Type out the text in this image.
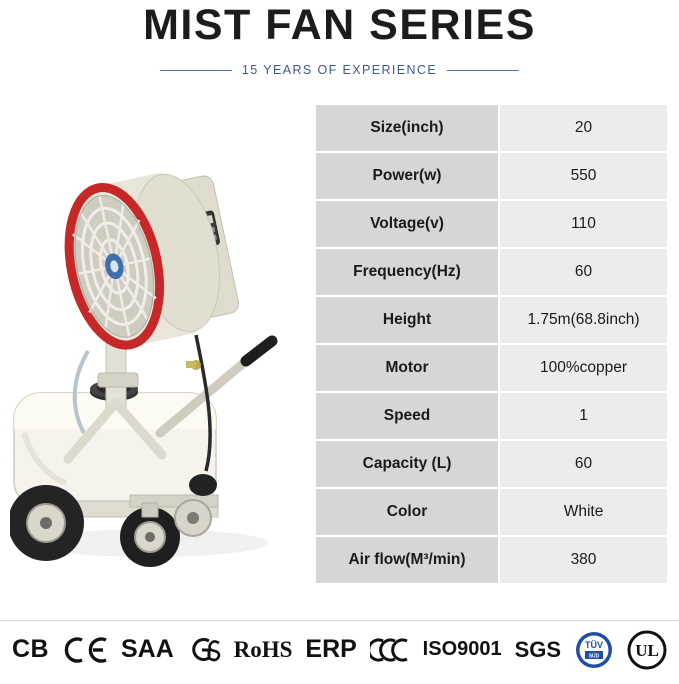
MIST FAN SERIES
15 YEARS OF EXPERIENCE
Size(inch)	20
Power(w)	550
Voltage(v)	110
Frequency(Hz)	60
Height	1.75m(68.8inch)
Motor	100%copper
Speed	1
Capacity (L)	60
Color	White
Air flow(M³/min)	380
CB	SAA	RoHS ERP	ISO9001 SGS	TÜV
SÜD UL
